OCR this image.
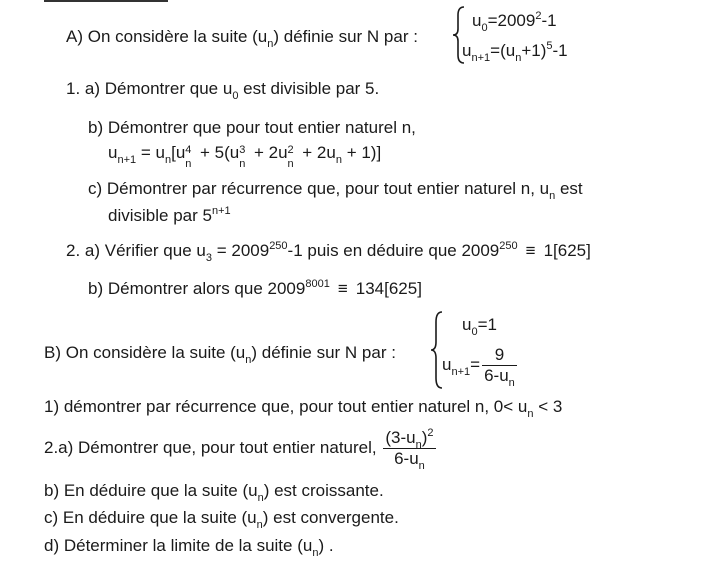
A) On considère la suite $(u_n)$ définie sur N par :
$u_0=2009^2-1$
$u_{n+1}=(u_n+1)^5-1$
1. a) Démontrer que $u_0$ est divisible par 5.
b) Démontrer que pour tout entier naturel n,
$u_{n+1} = u_n[u$ 4
n
+ 5(u 3
n
+ 2u 2
n
+ $2u_n + 1$)]
c) Démontrer par récurrence que, pour tout entier naturel n, $u_n$ est
divisible par $5^{n+1}$
2. a) Vérifier que $u_3 = 2009^{250}-1$ puis en déduire que $2009^{250} \equiv 1[625]$
b) Démontrer alors que $2009^{8001} \equiv 134[625]$
B) On considère la suite $(u_n)$ définie sur N par :
$u_0=1$
$u_{n+1}= \frac{9}{6-u_n}$
1) démontrer par récurrence que, pour tout entier naturel n, $0< u_n < 3$
2.a) Démontrer que, pour tout entier naturel, $\frac{(3-u_n)^2}{6-u_n}$
b) En déduire que la suite $(u_n)$ est croissante.
c) En déduire que la suite $(u_n)$ est convergente.
d) Déterminer la limite de la suite $(u_n)$ .
